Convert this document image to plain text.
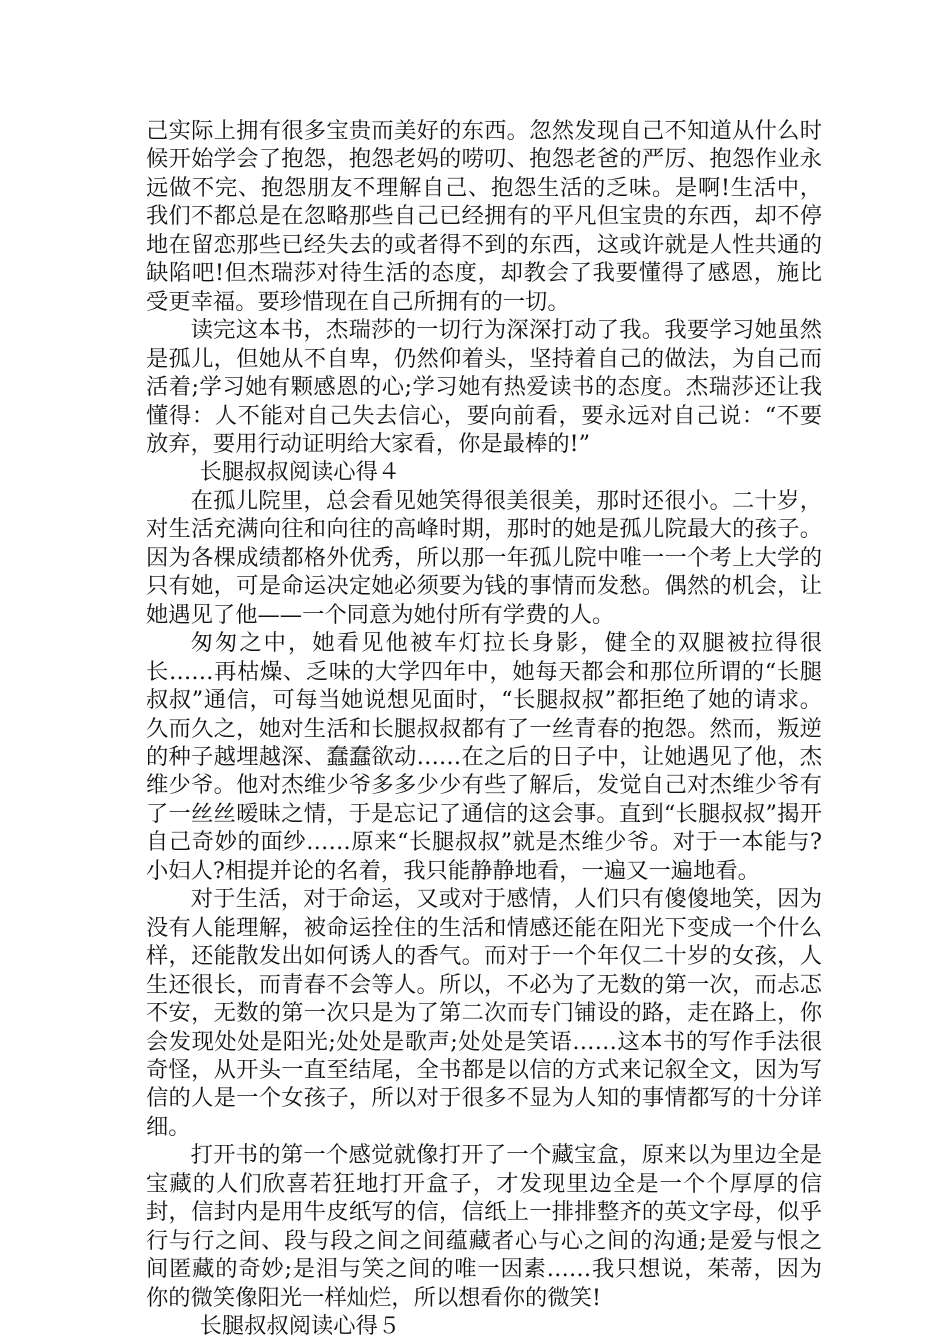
己实际上拥有很多宝贵而美好的东西。忽然发现自己不知道从什么时候开始学会了抱怨，抱怨老妈的唠叨、抱怨老爸的严厉、抱怨作业永远做不完、抱怨朋友不理解自己、抱怨生活的乏味。是啊!生活中，我们不都总是在忽略那些自己已经拥有的平凡但宝贵的东西，却不停地在留恋那些已经失去的或者得不到的东西，这或许就是人性共通的缺陷吧!但杰瑞莎对待生活的态度，却教会了我要懂得了感恩，施比受更幸福。要珍惜现在自己所拥有的一切。

读完这本书，杰瑞莎的一切行为深深打动了我。我要学习她虽然是孤儿，但她从不自卑，仍然仰着头，坚持着自己的做法，为自己而活着;学习她有颗感恩的心;学习她有热爱读书的态度。杰瑞莎还让我懂得：人不能对自己失去信心，要向前看，要永远对自己说：“不要放弃，要用行动证明给大家看，你是最棒的!”

长腿叔叔阅读心得４

在孤儿院里，总会看见她笑得很美很美，那时还很小。二十岁，对生活充满向往和向往的高峰时期，那时的她是孤儿院最大的孩子。因为各棵成绩都格外优秀，所以那一年孤儿院中唯一一个考上大学的只有她，可是命运决定她必须要为钱的事情而发愁。偶然的机会，让她遇见了他——一个同意为她付所有学费的人。

匆匆之中，她看见他被车灯拉长身影，健全的双腿被拉得很长……再枯燥、乏味的大学四年中，她每天都会和那位所谓的“长腿叔叔”通信，可每当她说想见面时，“长腿叔叔”都拒绝了她的请求。久而久之，她对生活和长腿叔叔都有了一丝青春的抱怨。然而，叛逆的种子越埋越深、蠢蠢欲动……在之后的日子中，让她遇见了他，杰维少爷。他对杰维少爷多多少少有些了解后，发觉自己对杰维少爷有了一丝丝暧昧之情，于是忘记了通信的这会事。直到“长腿叔叔”揭开自己奇妙的面纱……原来“长腿叔叔”就是杰维少爷。对于一本能与?小妇人?相提并论的名着，我只能静静地看，一遍又一遍地看。

对于生活，对于命运，又或对于感情，人们只有傻傻地笑，因为没有人能理解，被命运拴住的生活和情感还能在阳光下变成一个什么样，还能散发出如何诱人的香气。而对于一个年仅二十岁的女孩，人生还很长，而青春不会等人。所以，不必为了无数的第一次，而忐忑不安，无数的第一次只是为了第二次而专门铺设的路，走在路上，你会发现处处是阳光;处处是歌声;处处是笑语……这本书的写作手法很奇怪，从开头一直至结尾，全书都是以信的方式来记叙全文，因为写信的人是一个女孩子，所以对于很多不显为人知的事情都写的十分详细。

打开书的第一个感觉就像打开了一个藏宝盒，原来以为里边全是宝藏的人们欣喜若狂地打开盒子，才发现里边全是一个个厚厚的信封，信封内是用牛皮纸写的信，信纸上一排排整齐的英文字母，似乎行与行之间、段与段之间之间蕴藏者心与心之间的沟通;是爱与恨之间匿藏的奇妙;是泪与笑之间的唯一因素……我只想说，茱蒂，因为你的微笑像阳光一样灿烂，所以想看你的微笑!

长腿叔叔阅读心得５
